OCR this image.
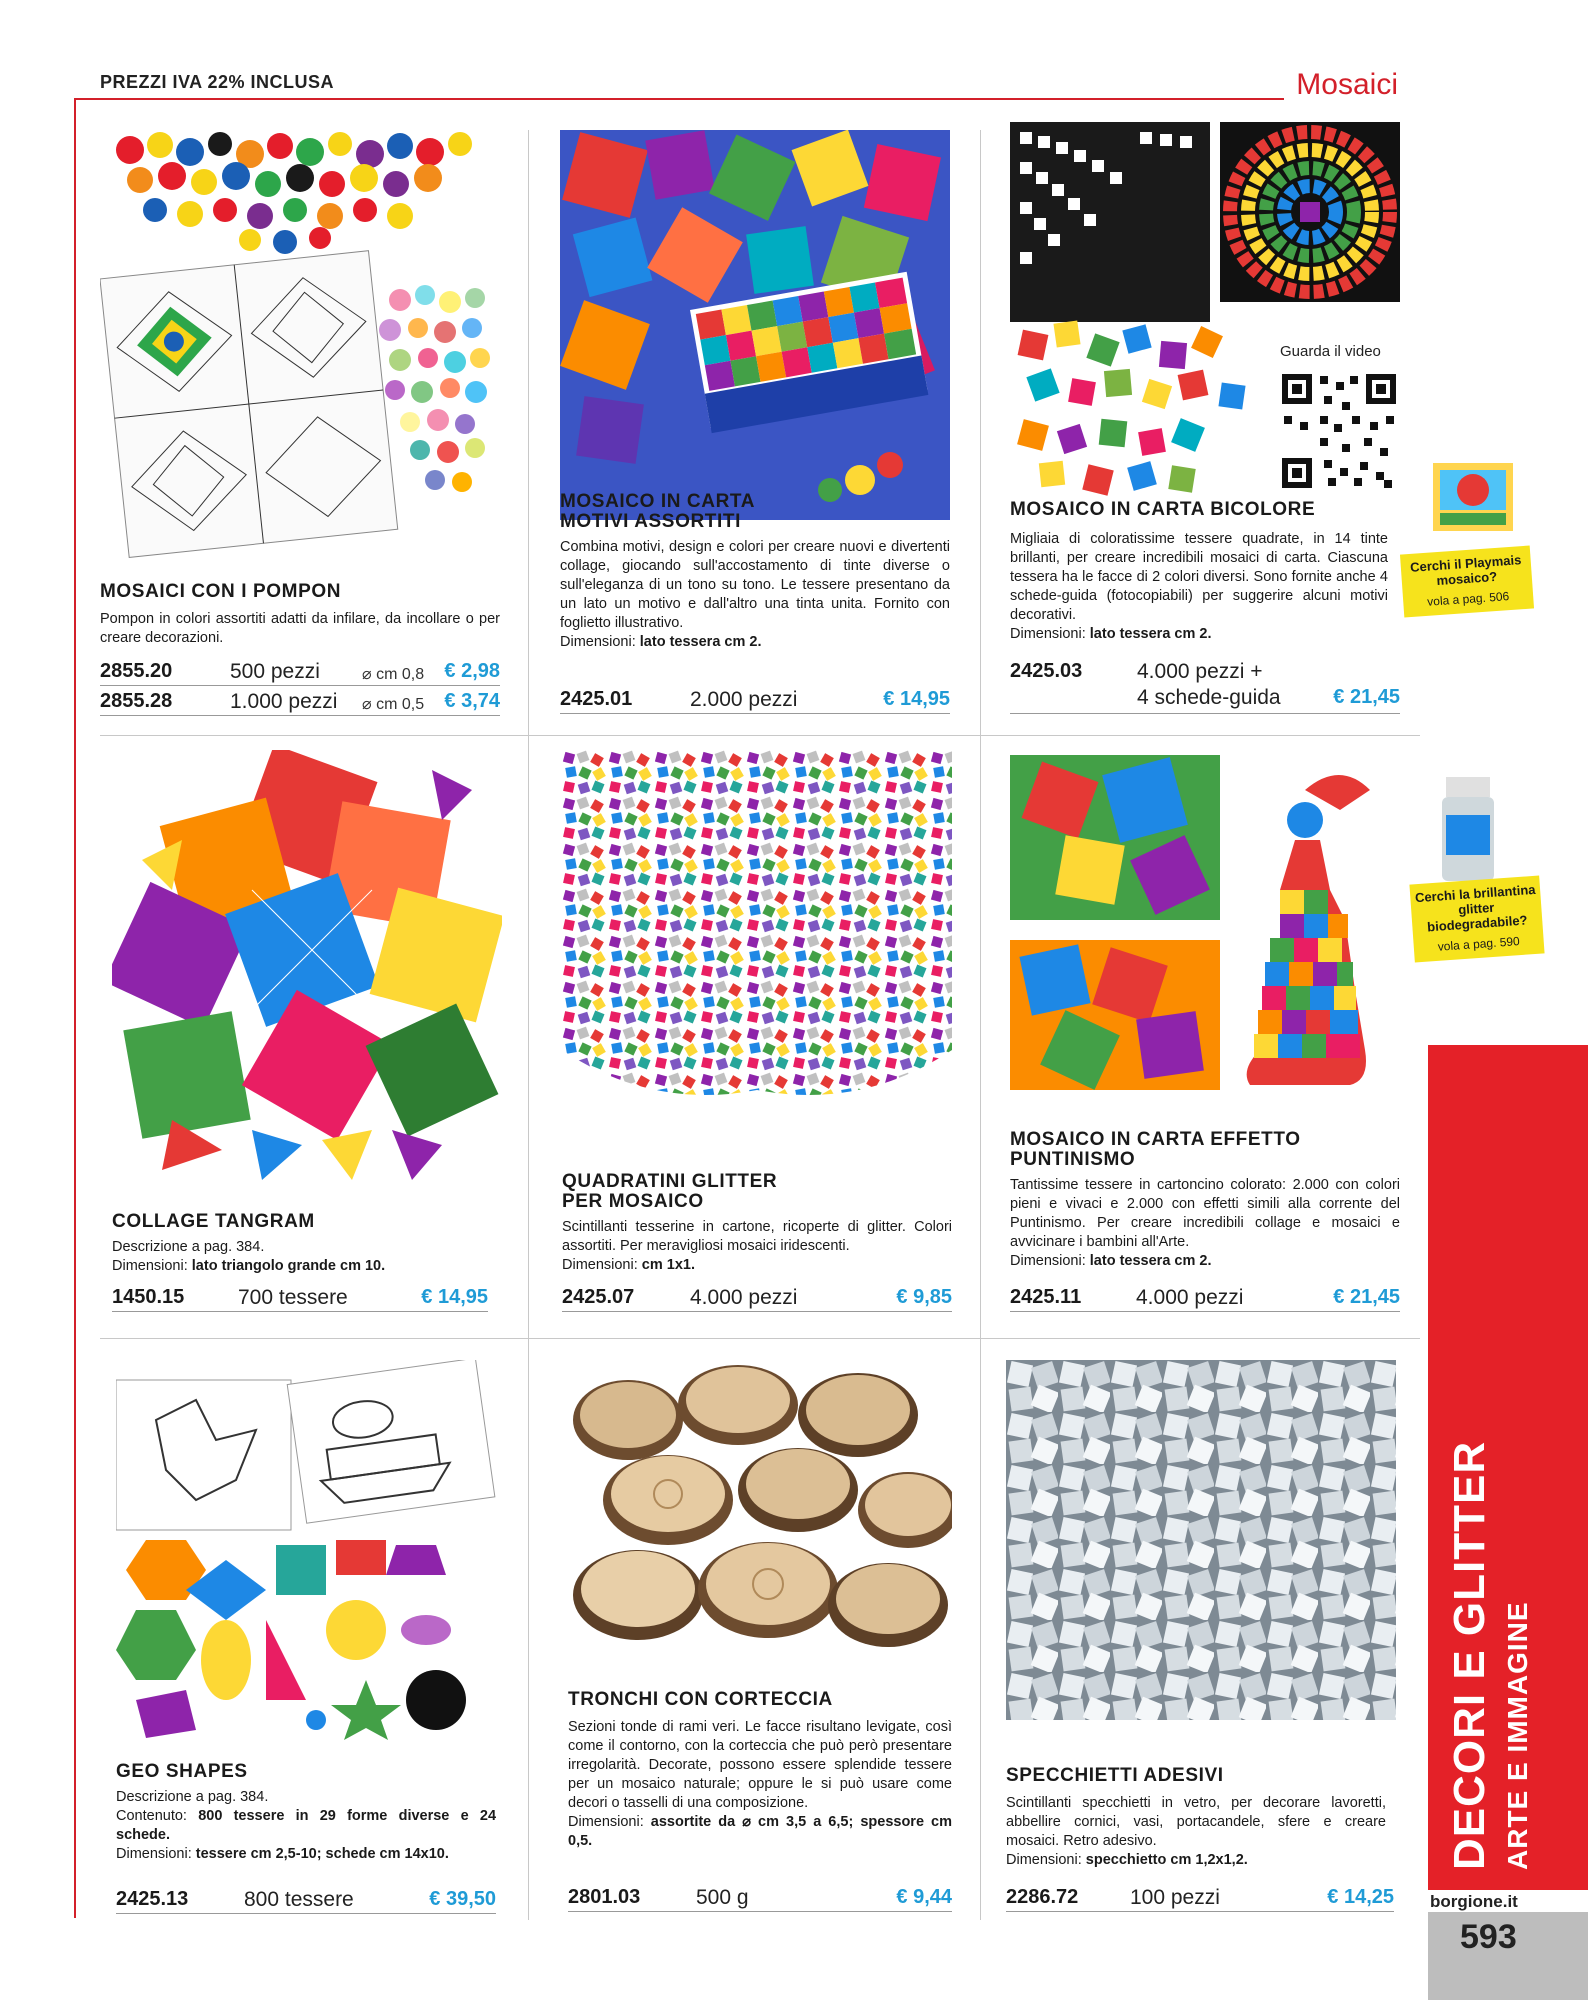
PREZZI IVA 22% INCLUSA	Mosaici
MOSAICI CON I POMPON
Pompon in colori assortiti adatti da infilare, da incollare o per creare decorazioni.
2855.20	500 pezzi	⌀ cm 0,8 € 2,98
2855.28	1.000 pezzi ⌀ cm 0,5 € 3,74
MOSAICO IN CARTA
MOTIVI ASSORTITI
Combina motivi, design e colori per creare nuovi e divertenti collage, giocando sull'accostamento di tinte diverse o sull'eleganza di un tono su tono. Le tessere presentano da un lato un motivo e dall'altro una tinta unita. Fornito con foglietto illustrativo.
Dimensioni: lato tessera cm 2.
2425.01	2.000 pezzi	€ 14,95
MOSAICO IN CARTA BICOLORE
Migliaia di coloratissime tessere quadrate, in 14 tinte brillanti, per creare incredibili mosaici di carta. Ciascuna tessera ha le facce di 2 colori diversi. Sono fornite anche 4 schede-guida (fotocopiabili) per suggerire alcuni motivi decorativi.
Dimensioni: lato tessera cm 2.
2425.03	4.000 pezzi +
4 schede-guida	€ 21,45
Guarda il video
Cerchi il Playmais mosaico?
vola a pag. 506
COLLAGE TANGRAM
Descrizione a pag. 384.
Dimensioni: lato triangolo grande cm 10.
1450.15	700 tessere	€ 14,95
QUADRATINI GLITTER
PER MOSAICO
Scintillanti tesserine in cartone, ricoperte di glitter. Colori assortiti. Per meravigliosi mosaici iridescenti.
Dimensioni: cm 1x1.
2425.07	4.000 pezzi	€ 9,85
MOSAICO IN CARTA EFFETTO
PUNTINISMO
Tantissime tessere in cartoncino colorato: 2.000 con colori pieni e vivaci e 2.000 con effetti simili alla corrente del Puntinismo. Per creare incredibili collage e mosaici e avvicinare i bambini all'Arte.
Dimensioni: lato tessera cm 2.
2425.11	4.000 pezzi	€ 21,45
Cerchi la brillantina glitter biodegradabile?
vola a pag. 590
GEO SHAPES
Descrizione a pag. 384.
Contenuto: 800 tessere in 29 forme diverse e 24 schede.
Dimensioni: tessere cm 2,5-10; schede cm 14x10.
2425.13	800 tessere	€ 39,50
TRONCHI CON CORTECCIA
Sezioni tonde di rami veri. Le facce risultano levigate, così come il contorno, con la corteccia che può però presentare irregolarità. Decorate, possono essere splendide tessere per un mosaico naturale; oppure le si può usare come decori o tasselli di una composizione.
Dimensioni: assortite da ⌀ cm 3,5 a 6,5; spessore cm 0,5.
2801.03	500 g	€ 9,44
SPECCHIETTI ADESIVI
Scintillanti specchietti in vetro, per decorare lavoretti, abbellire cornici, vasi, portacandele, sfere e creare mosaici. Retro adesivo.
Dimensioni: specchietto cm 1,2x1,2.
2286.72 100 pezzi	€ 14,25
DECORI E GLITTER ARTE E IMMAGINE
borgione.it
593
